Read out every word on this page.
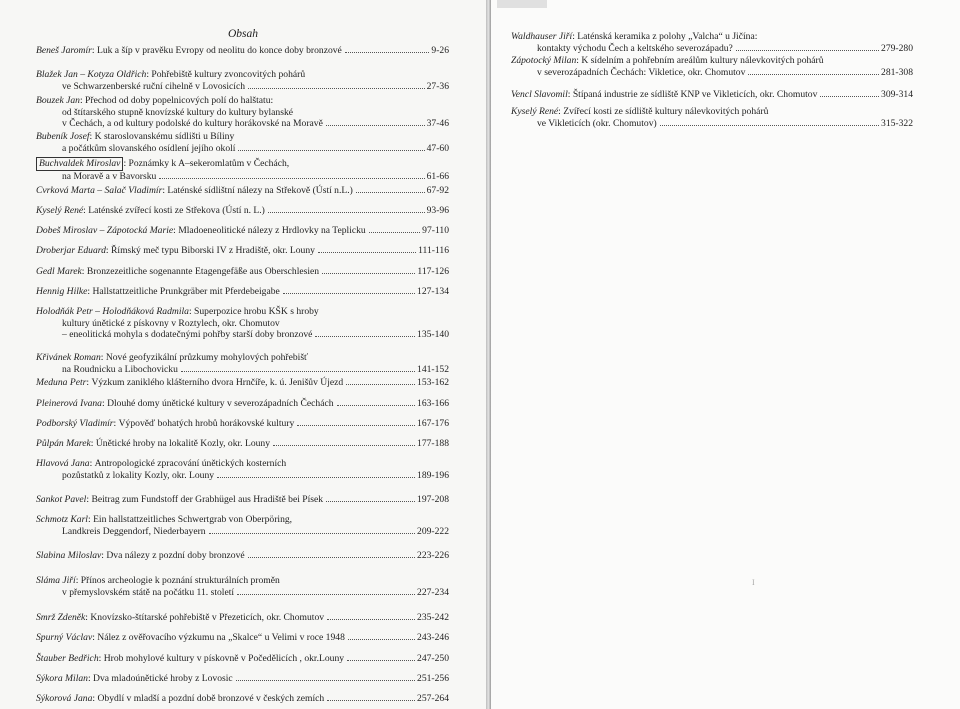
Obsah
Beneš Jaromír : Luk a šíp v pravěku Evropy od neolitu do konce doby bronzové	9-26
Blažek Jan – Kotyza Oldřich : Pohřebiště kultury zvoncovitých pohárů
ve Schwarzenberské ruční cihelně v Lovosicích	27-36
Bouzek Jan : Přechod od doby popelnicových polí do halštatu:
od štítarského stupně knovízské kultury do kultury bylanské
v Čechách, a od kultury podolské do kultury horákovské na Moravě	37-46
Bubeník Josef : K staroslovanskému sídlišti u Bíliny
a počátkům slovanského osídlení jejího okolí	47-60
Buchvaldek Miroslav : Poznámky k A–sekeromlatům v Čechách,
na Moravě a v Bavorsku	61-66
Cvrková Marta – Salač Vladimír : Laténské sídlištní nálezy na Střekově (Ústí n.L.)	67-92
Kyselý René : Laténské zvířecí kosti ze Střekova (Ústí n. L.)	93-96
Dobeš Miroslav – Zápotocká Marie : Mladoeneolitické nálezy z Hrdlovky na Teplicku	97-110
Droberjar Eduard : Římský meč typu Biborski IV z Hradiště, okr. Louny	111-116
Gedl Marek : Bronzezeitliche sogenannte Etagengefäße aus Oberschlesien	117-126
Hennig Hilke : Hallstattzeitliche Prunkgräber mit Pferdebeigabe	127-134
Holodňák Petr – Holodňáková Radmila : Superpozice hrobu KŠK s hroby
kultury únětické z pískovny v Roztylech, okr. Chomutov
– eneolitická mohyla s dodatečnými pohřby starší doby bronzové	135-140
Křivánek Roman : Nové geofyzikální průzkumy mohylových pohřebišť
na Roudnicku a Libochovicku	141-152
Meduna Petr : Výzkum zaniklého klášterního dvora Hrnčíře, k. ú. Jenišův Újezd	153-162
Pleinerová Ivana : Dlouhé domy únětické kultury v severozápadních Čechách	163-166
Podborský Vladimír : Výpověď bohatých hrobů horákovské kultury	167-176
Půlpán Marek : Únětické hroby na lokalitě Kozly, okr. Louny	177-188
Hlavová Jana : Antropologické zpracování únětických kosterních
pozůstatků z lokality Kozly, okr. Louny	189-196
Sankot Pavel : Beitrag zum Fundstoff der Grabhügel aus Hradiště bei Písek	197-208
Schmotz Karl : Ein hallstattzeitliches Schwertgrab von Oberpöring,
Landkreis Deggendorf, Niederbayern	209-222
Slabina Miloslav : Dva nálezy z pozdní doby bronzové	223-226
Sláma Jiří : Přínos archeologie k poznání strukturálních proměn
v přemyslovském státě na počátku 11. století	227-234
Smrž Zdeněk : Knovízsko-štítarské pohřebiště v Přezeticích, okr. Chomutov	235-242
Spurný Václav : Nález z ověřovacího výzkumu na „Skalce“ u Velimi v roce 1948	243-246
Štauber Bedřich : Hrob mohylové kultury v pískovně v Počedělicích , okr.Louny	247-250
Sýkora Milan : Dva mladoúnětické hroby z Lovosic	251-256
Sýkorová Jana : Obydlí v mladší a pozdní době bronzové v českých zemích	257-264
Waldhauser Jiří : Laténská keramika z polohy „Valcha“ u Jičína:
kontakty východu Čech a keltského severozápadu?	279-280
Zápotocký Milan : K sídelním a pohřebním areálům kultury nálevkovitých pohárů
v severozápadních Čechách: Vikletice, okr. Chomutov	281-308
Vencl Slavomil : Štípaná industrie ze sídliště KNP ve Vikleticích, okr. Chomutov	309-314
Kyselý René : Zvířecí kosti ze sídliště kultury nálevkovitých pohárů
ve Vikleticích (okr. Chomutov)	315-322
I
